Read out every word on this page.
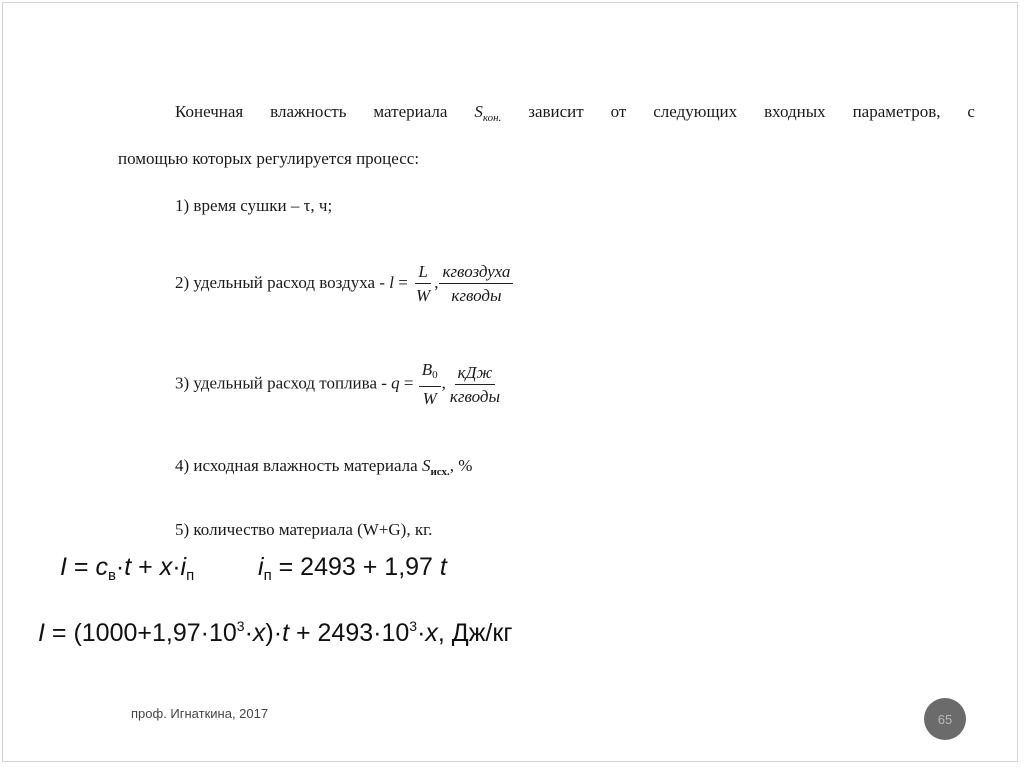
Конечная влажность материала $S_{кон.}$ зависит от следующих входных параметров, с
помощью которых регулируется процесс:
1) время сушки – τ, ч;
2) удельный расход воздуха - $l = \frac{L}{W}$ , $\frac{\text{кгвоздуха}}{\text{кгводы}}$
3) удельный расход топлива - $q = \frac{B0}{W}$ , $\frac{\text{кДж}}{\text{кгводы}}$
4) исходная влажность материала $S_{исх.}$, %
5) количество материала (W+G), кг.
$I = c_в\cdot t + x\cdot i_п$	$i_п = 2493 + 1,97$ t
$I = (1000+1,97\cdot 10^3\cdot x)\cdot t + 2493\cdot 10^3\cdot x$, Дж/кг
проф. Игнаткина, 2017	65
